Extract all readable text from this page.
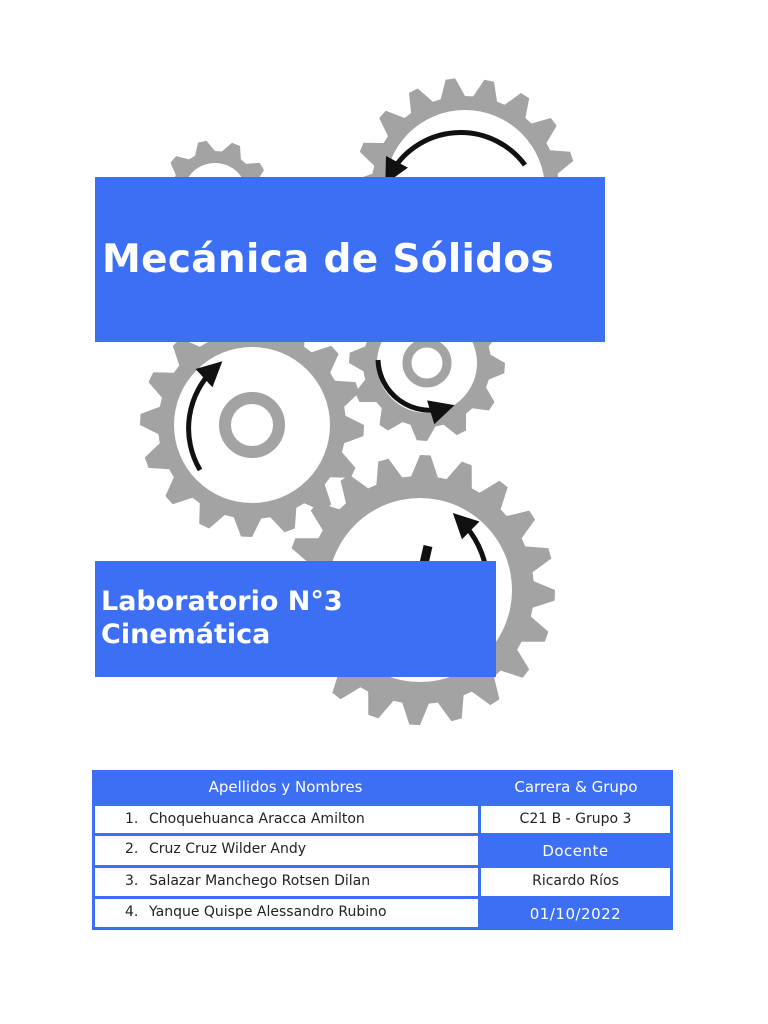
Mecánica de Sólidos
Laboratorio N°3
Cinemática
Apellidos y Nombres	Carrera & Grupo
1. Choquehuanca Aracca Amilton
2. Cruz Cruz Wilder Andy
3. Salazar Manchego Rotsen Dilan
4. Yanque Quispe Alessandro Rubino
C21 B - Grupo 3
Docente
Ricardo Ríos
01/10/2022
